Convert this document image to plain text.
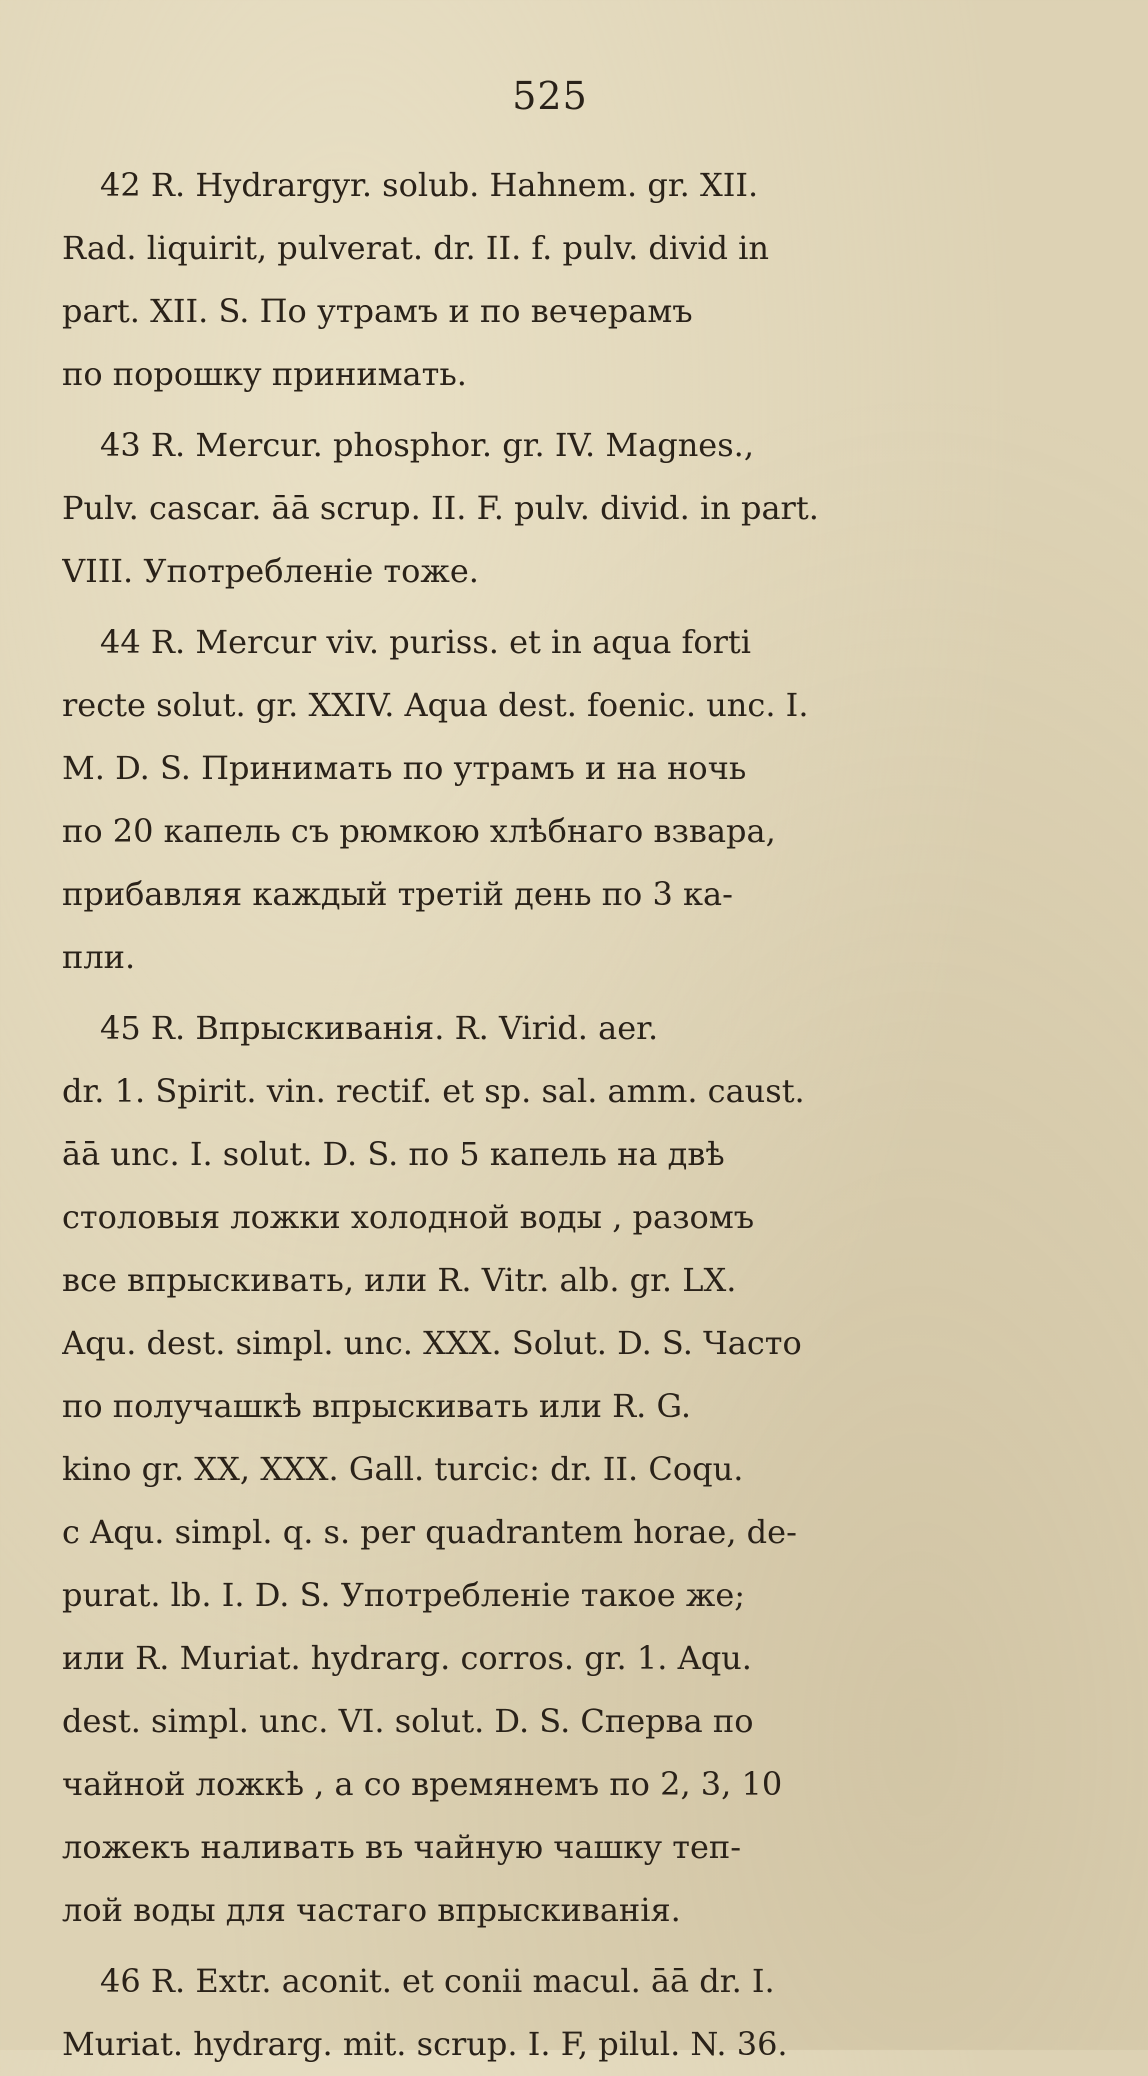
525
42 R. Hydrargyr. solub. Hahnem. gr. XII.
Rad. liquirit, pulverat. dr. II. f. pulv. divid in
part. XII. S. По утрамъ и по вечерамъ
по порошку принимать.
43 R. Mercur. phosphor. gr. IV. Magnes.,
Pulv. cascar. āā scrup. II. F. pulv. divid. in part.
VIII. Употребленіе тоже.
44 R. Mercur viv. puriss. et in aqua forti
recte solut. gr. XXIV. Aqua dest. foenic. unc. I.
M. D. S. Принимать по утрамъ и на ночь
по 20 капель съ рюмкою хлѣбнаго взвара,
прибавляя каждый третій день по 3 ка-
пли.
45 R. Впрыскиванія. R. Virid. aer.
dr. 1. Spirit. vin. rectif. et sp. sal. amm. caust.
āā unc. I. solut. D. S. по 5 капель на двѣ
столовыя ложки холодной воды , разомъ
все впрыскивать, или R. Vitr. alb. gr. LX.
Aqu. dest. simpl. unc. XXX. Solut. D. S. Часто
по получашкѣ впрыскивать или R. G.
kino gr. XX, XXX. Gall. turcic: dr. II. Coqu.
c Aqu. simpl. q. s. per quadrantem horae, de-
purat. lb. I. D. S. Употребленіе такое же;
или R. Muriat. hydrarg. corros. gr. 1. Aqu.
dest. simpl. unc. VI. solut. D. S. Сперва по
чайной ложкѣ , а со времянемъ по 2, 3, 10
ложекъ наливать въ чайную чашку теп-
лой воды для частаго впрыскиванія.
46 R. Extr. aconit. et conii macul. āā dr. I.
Muriat. hydrarg. mit. scrup. I. F, pilul. N. 36.
